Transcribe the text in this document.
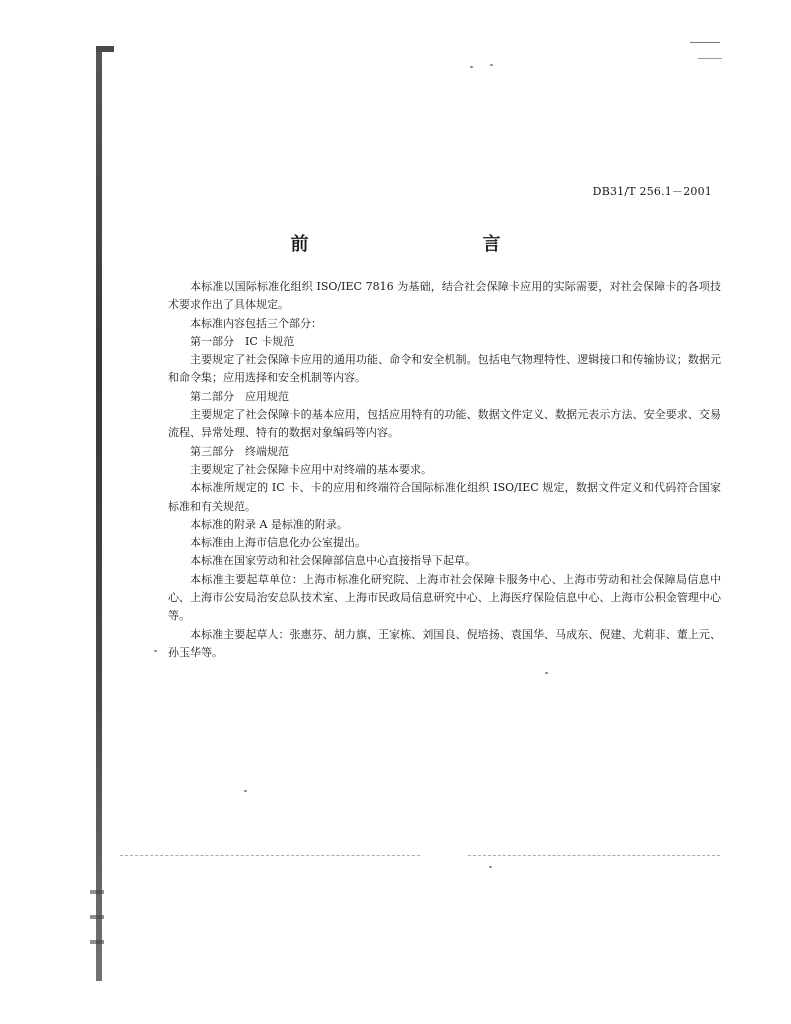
DB31/T 256.1－2001
前　　言

本标准以国际标准化组织 ISO/IEC 7816 为基础，结合社会保障卡应用的实际需要，对社会保障卡的各项技术要求作出了具体规定。

本标准内容包括三个部分：

第一部分　IC 卡规范

主要规定了社会保障卡应用的通用功能、命令和安全机制。包括电气物理特性、逻辑接口和传输协议；数据元和命令集；应用选择和安全机制等内容。

第二部分　应用规范

主要规定了社会保障卡的基本应用，包括应用特有的功能、数据文件定义、数据元表示方法、安全要求、交易流程、异常处理、特有的数据对象编码等内容。

第三部分　终端规范

主要规定了社会保障卡应用中对终端的基本要求。

本标准所规定的 IC 卡、卡的应用和终端符合国际标准化组织 ISO/IEC 规定，数据文件定义和代码符合国家标准和有关规范。

本标准的附录 A 是标准的附录。

本标准由上海市信息化办公室提出。

本标准在国家劳动和社会保障部信息中心直接指导下起草。

本标准主要起草单位：上海市标准化研究院、上海市社会保障卡服务中心、上海市劳动和社会保障局信息中心、上海市公安局治安总队技术室、上海市民政局信息研究中心、上海医疗保险信息中心、上海市公积金管理中心等。

本标准主要起草人：张惠芬、胡力旗、王家栋、刘国良、倪培扬、袁国华、马成东、倪建、尤莉非、董上元、孙玉华等。
